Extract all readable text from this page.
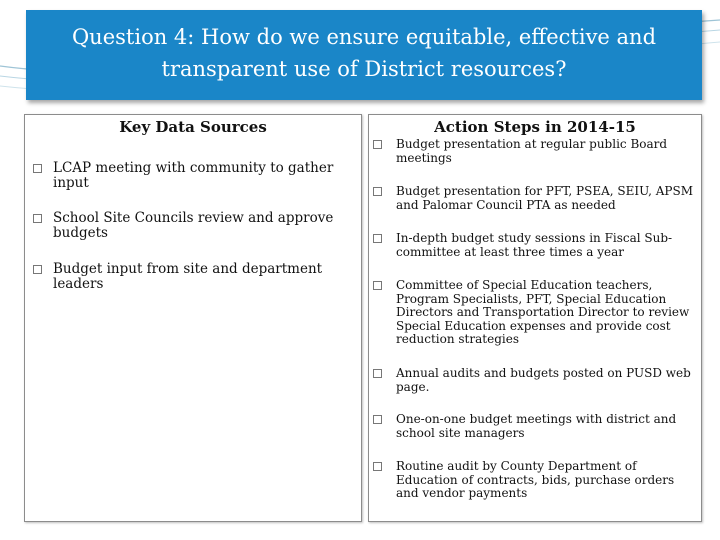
Question 4: How do we ensure equitable, effective and
transparent use of District resources?
Key Data Sources
LCAP meeting with community to gather input
School Site Councils review and approve budgets
Budget input from site and department leaders
Action Steps in 2014-15
Budget presentation at regular public Board meetings
Budget presentation for PFT, PSEA, SEIU, APSM and Palomar Council PTA as needed
In-depth budget study sessions in Fiscal Sub-committee at least three times a year
Committee of Special Education teachers, Program Specialists, PFT, Special Education Directors and Transportation Director to review Special Education expenses and provide cost reduction strategies
Annual audits and budgets posted on PUSD web page.
One-on-one budget meetings with district and school site managers
Routine audit by County Department of Education of contracts, bids, purchase orders and vendor payments
